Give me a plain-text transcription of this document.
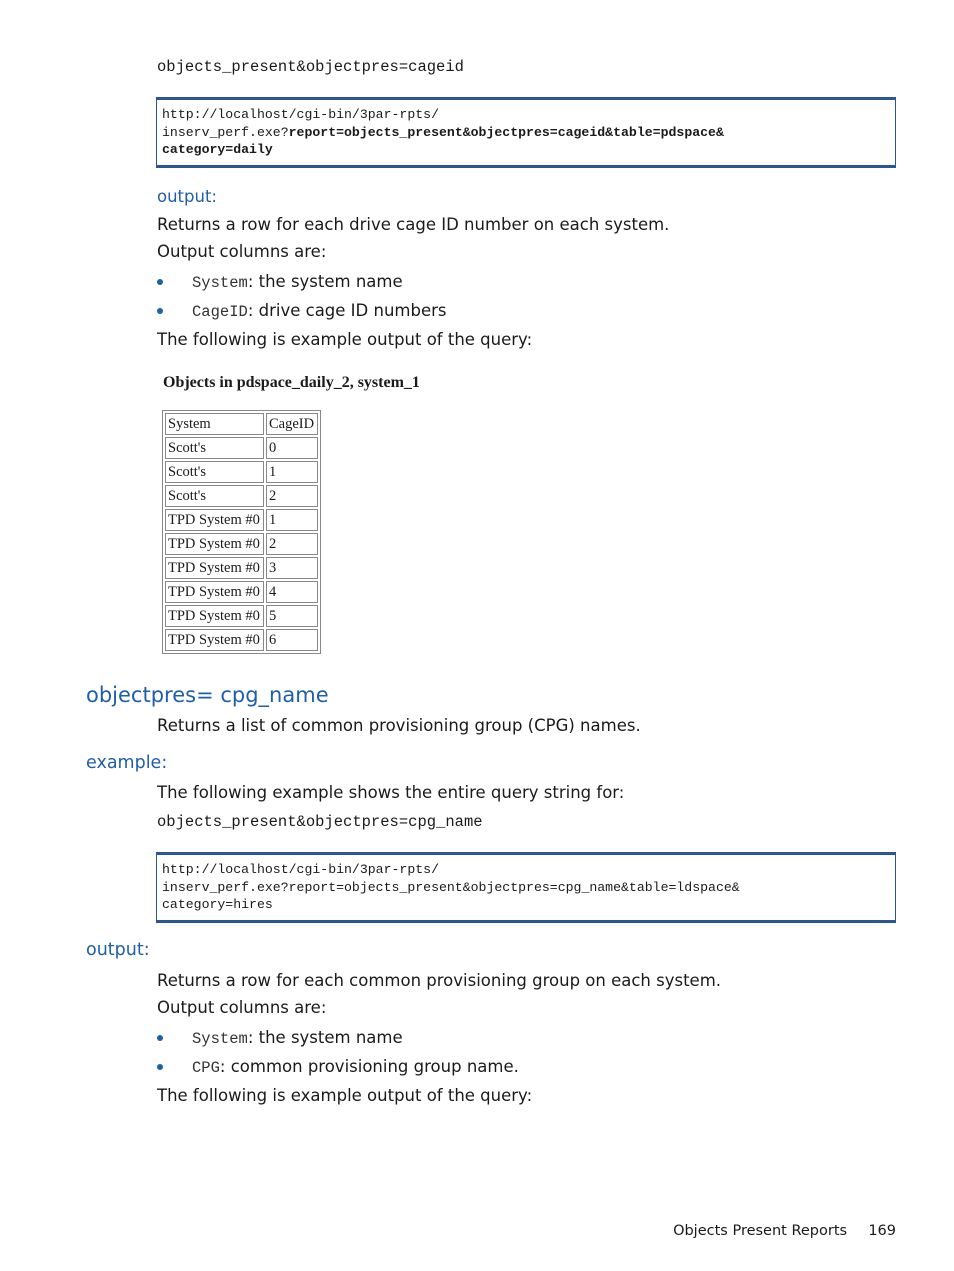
objects_present&objectpres=cageid
http://localhost/cgi-bin/3par-rpts/
inserv_perf.exe?report=objects_present&objectpres=cageid&table=pdspace&
category=daily
output:
Returns a row for each drive cage ID number on each system.
Output columns are:
System: the system name
CageID: drive cage ID numbers
The following is example output of the query:
Objects in pdspace_daily_2, system_1
System	CageID
Scott's	0
Scott's	1
Scott's	2
TPD System #0	1
TPD System #0	2
TPD System #0	3
TPD System #0	4
TPD System #0	5
TPD System #0	6
objectpres= cpg_name
Returns a list of common provisioning group (CPG) names.
example:
The following example shows the entire query string for:
objects_present&objectpres=cpg_name
http://localhost/cgi-bin/3par-rpts/
inserv_perf.exe?report=objects_present&objectpres=cpg_name&table=ldspace&
category=hires
output:
Returns a row for each common provisioning group on each system.
Output columns are:
System: the system name
CPG: common provisioning group name.
The following is example output of the query:
Objects Present Reports 169
